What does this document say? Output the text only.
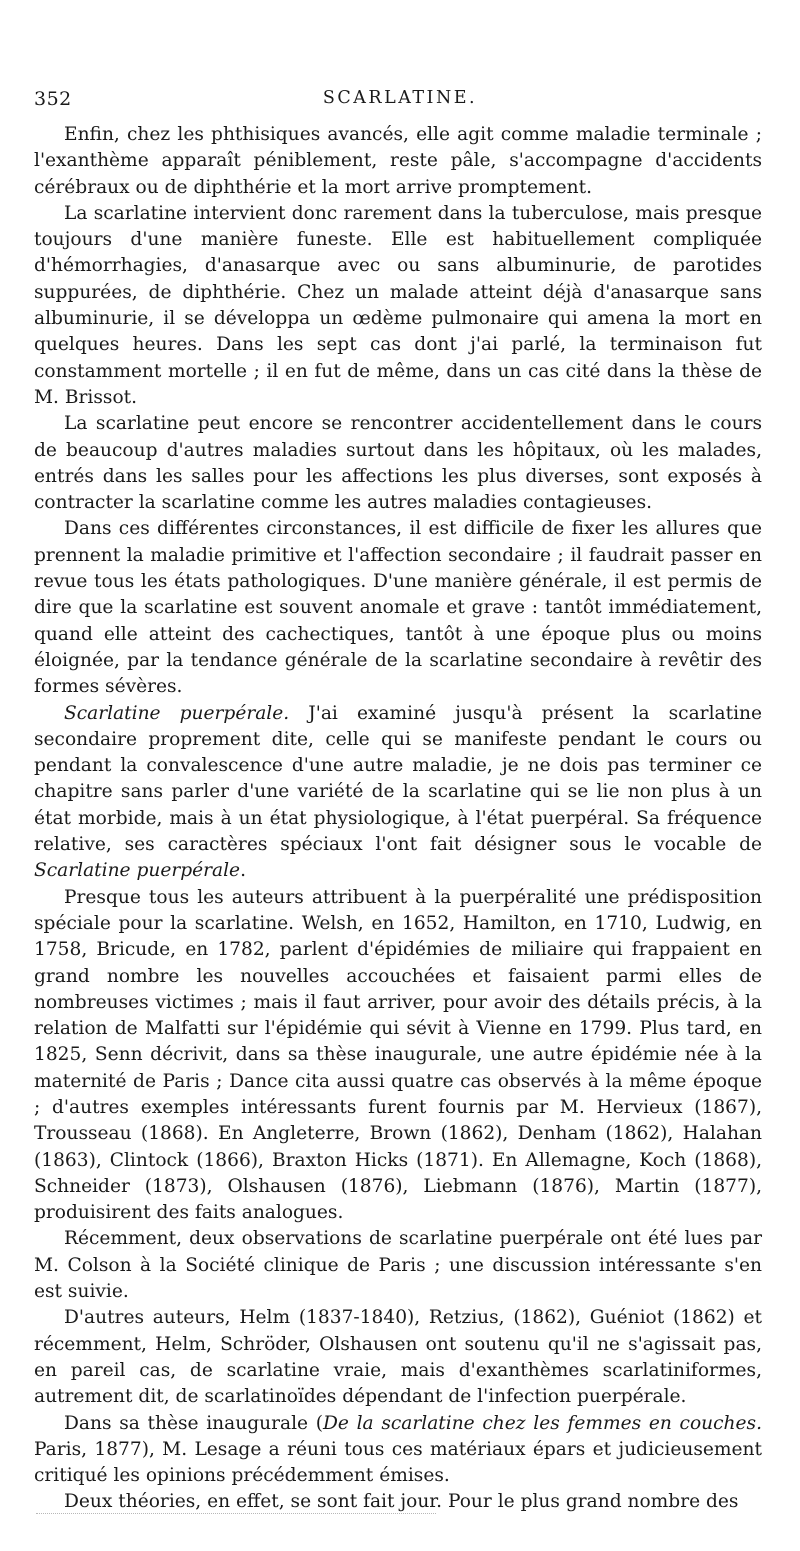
352	SCARLATINE.

Enfin, chez les phthisiques avancés, elle agit comme maladie terminale ; l'exanthème apparaît péniblement, reste pâle, s'accompagne d'accidents cérébraux ou de diphthérie et la mort arrive promptement.

La scarlatine intervient donc rarement dans la tuberculose, mais presque toujours d'une manière funeste. Elle est habituellement compliquée d'hémorrhagies, d'anasarque avec ou sans albuminurie, de parotides suppurées, de diphthérie. Chez un malade atteint déjà d'anasarque sans albuminurie, il se développa un œdème pulmonaire qui amena la mort en quelques heures. Dans les sept cas dont j'ai parlé, la terminaison fut constamment mortelle ; il en fut de même, dans un cas cité dans la thèse de M. Brissot.

La scarlatine peut encore se rencontrer accidentellement dans le cours de beaucoup d'autres maladies surtout dans les hôpitaux, où les malades, entrés dans les salles pour les affections les plus diverses, sont exposés à contracter la scarlatine comme les autres maladies contagieuses.

Dans ces différentes circonstances, il est difficile de fixer les allures que prennent la maladie primitive et l'affection secondaire ; il faudrait passer en revue tous les états pathologiques. D'une manière générale, il est permis de dire que la scarlatine est souvent anomale et grave : tantôt immédiatement, quand elle atteint des cachectiques, tantôt à une époque plus ou moins éloignée, par la tendance générale de la scarlatine secondaire à revêtir des formes sévères.

Scarlatine puerpérale. J'ai examiné jusqu'à présent la scarlatine secondaire proprement dite, celle qui se manifeste pendant le cours ou pendant la convalescence d'une autre maladie, je ne dois pas terminer ce chapitre sans parler d'une variété de la scarlatine qui se lie non plus à un état morbide, mais à un état physiologique, à l'état puerpéral. Sa fréquence relative, ses caractères spéciaux l'ont fait désigner sous le vocable de Scarlatine puerpérale.

Presque tous les auteurs attribuent à la puerpéralité une prédisposition spéciale pour la scarlatine. Welsh, en 1652, Hamilton, en 1710, Ludwig, en 1758, Bricude, en 1782, parlent d'épidémies de miliaire qui frappaient en grand nombre les nouvelles accouchées et faisaient parmi elles de nombreuses victimes ; mais il faut arriver, pour avoir des détails précis, à la relation de Malfatti sur l'épidémie qui sévit à Vienne en 1799. Plus tard, en 1825, Senn décrivit, dans sa thèse inaugurale, une autre épidémie née à la maternité de Paris ; Dance cita aussi quatre cas observés à la même époque ; d'autres exemples intéressants furent fournis par M. Hervieux (1867), Trousseau (1868). En Angleterre, Brown (1862), Denham (1862), Halahan (1863), Clintock (1866), Braxton Hicks (1871). En Allemagne, Koch (1868), Schneider (1873), Olshausen (1876), Liebmann (1876), Martin (1877), produisirent des faits analogues.

Récemment, deux observations de scarlatine puerpérale ont été lues par M. Colson à la Société clinique de Paris ; une discussion intéressante s'en est suivie.

D'autres auteurs, Helm (1837-1840), Retzius, (1862), Guéniot (1862) et récemment, Helm, Schröder, Olshausen ont soutenu qu'il ne s'agissait pas, en pareil cas, de scarlatine vraie, mais d'exanthèmes scarlatiniformes, autrement dit, de scarlatinoïdes dépendant de l'infection puerpérale.

Dans sa thèse inaugurale (De la scarlatine chez les femmes en couches. Paris, 1877), M. Lesage a réuni tous ces matériaux épars et judicieusement critiqué les opinions précédemment émises.

Deux théories, en effet, se sont fait jour. Pour le plus grand nombre des
